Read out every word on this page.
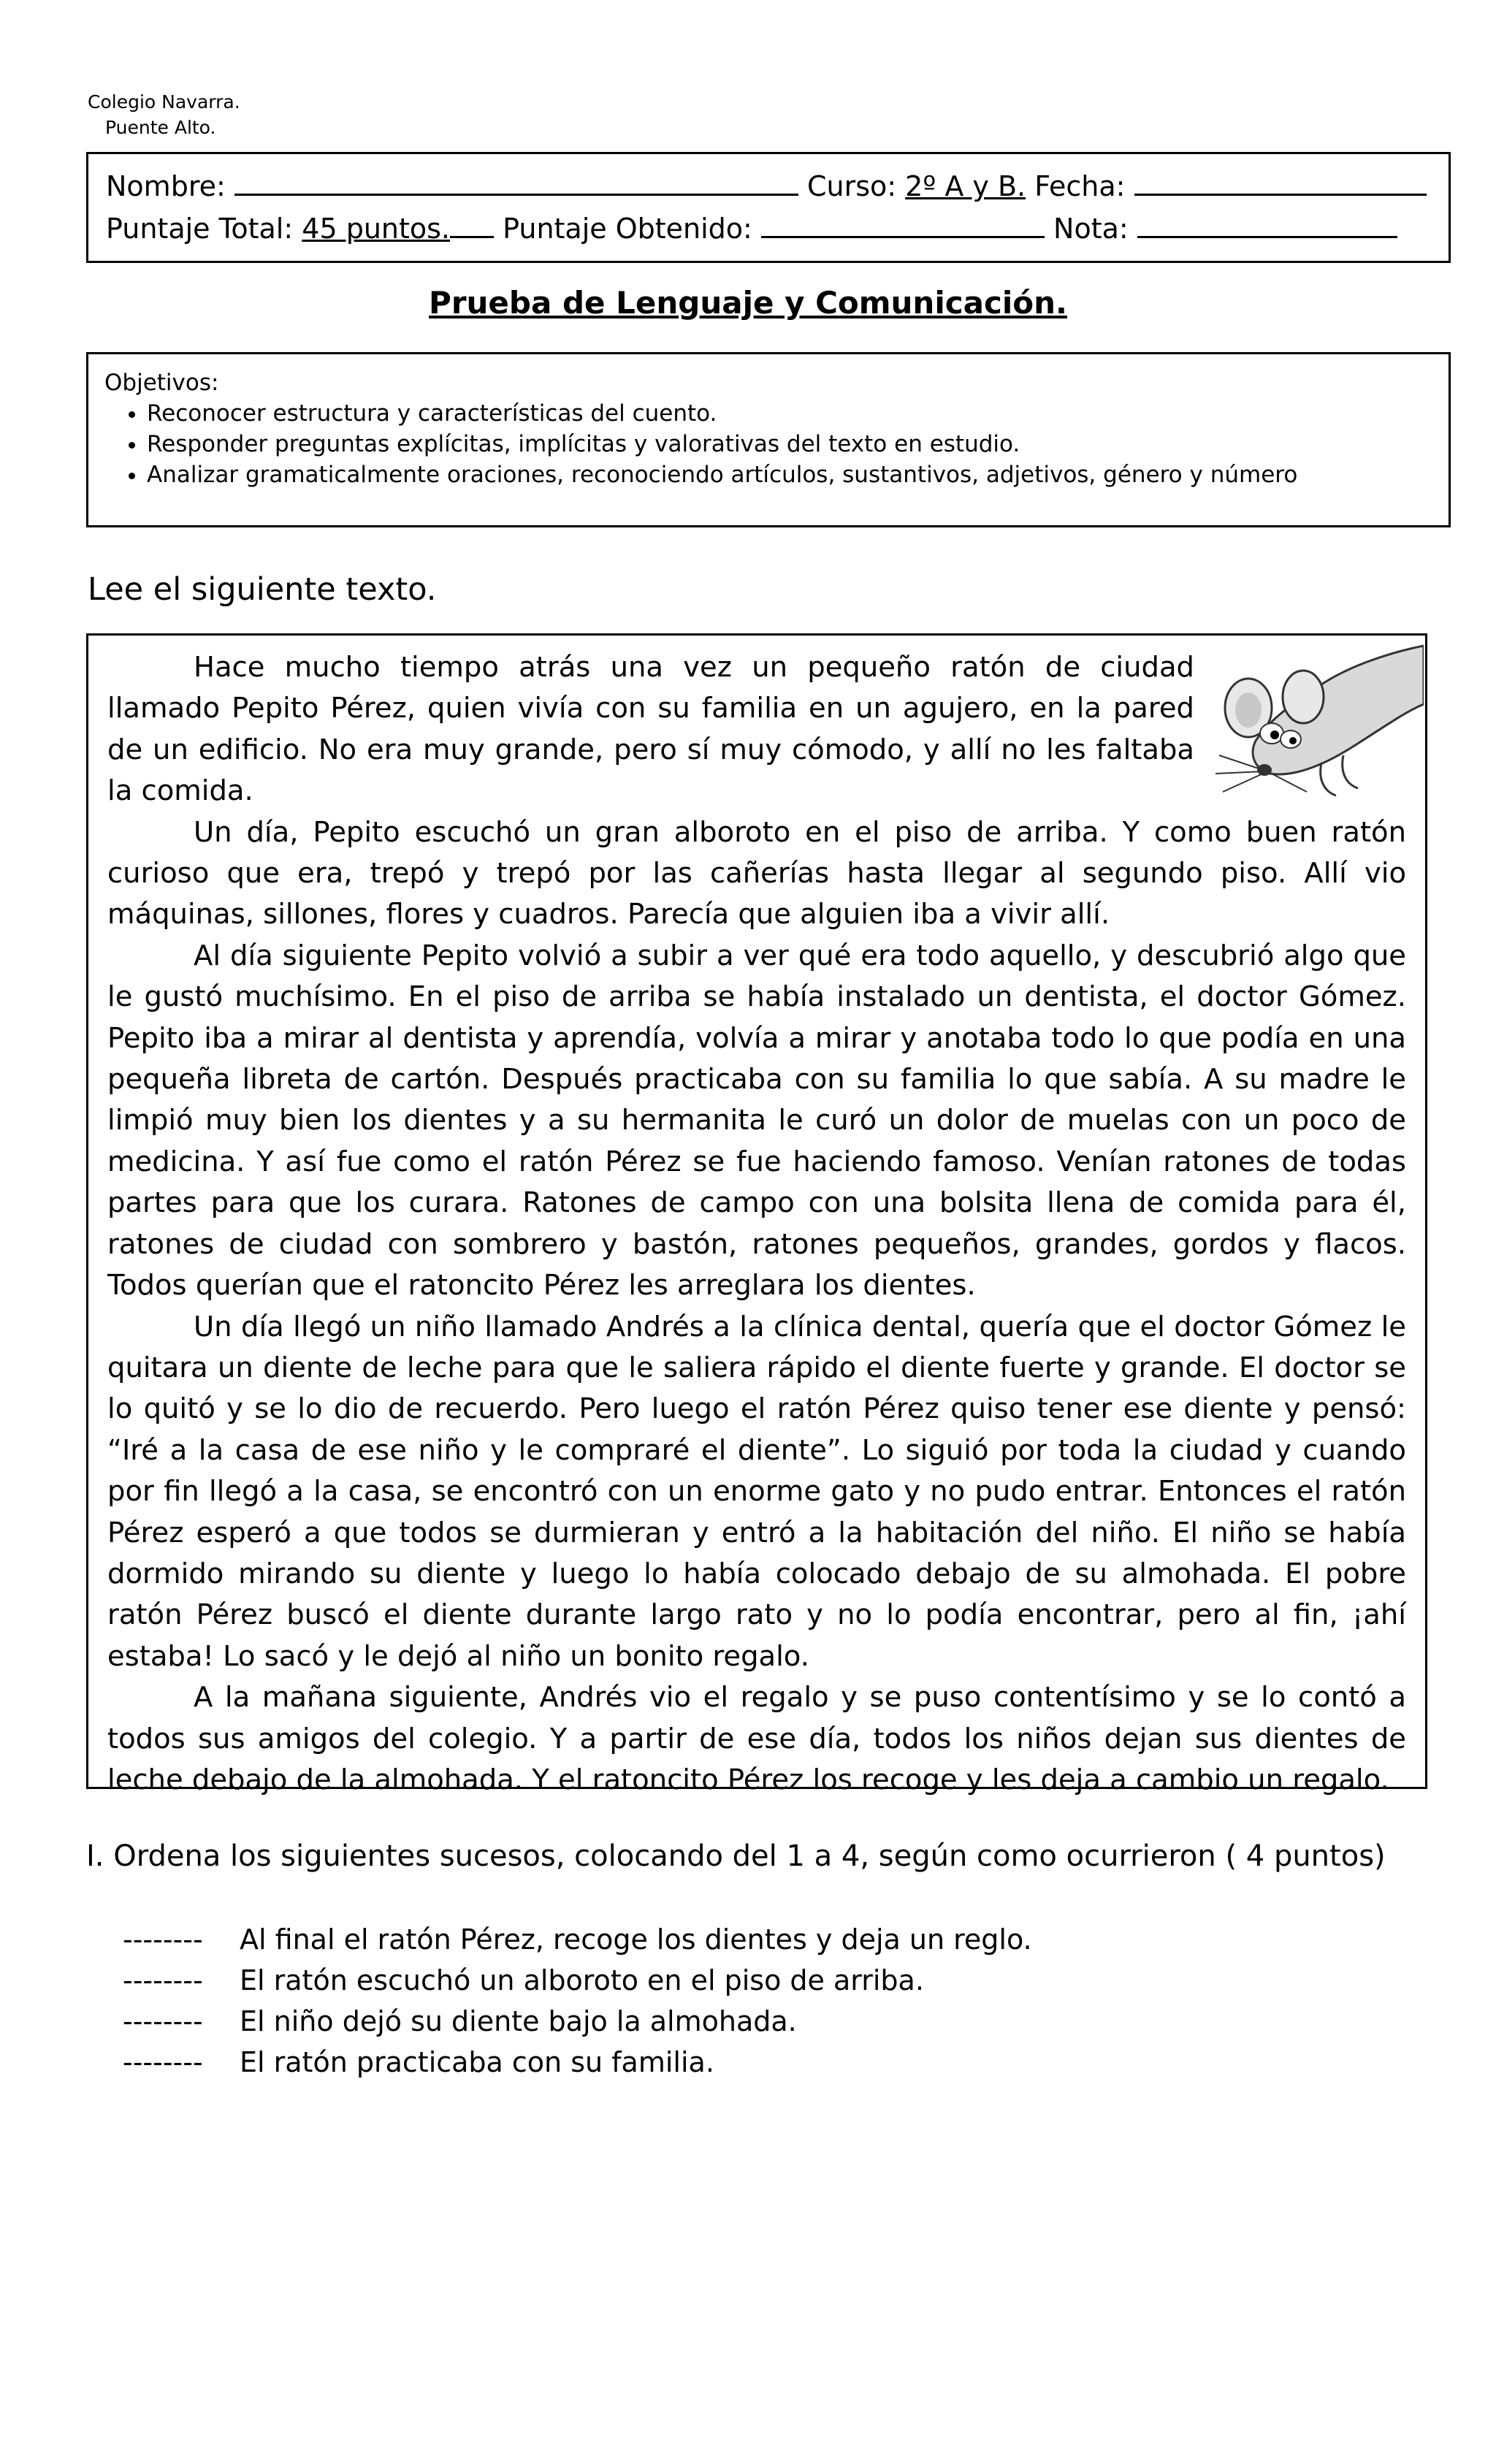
Colegio Navarra.
Puente Alto.
Nombre:	Curso: 2º A y B. Fecha:
Puntaje Total: 45 puntos. Puntaje Obtenido:	Nota:
Prueba de Lenguaje y Comunicación.
Objetivos:
• Reconocer estructura y características del cuento.
• Responder preguntas explícitas, implícitas y valorativas del texto en estudio.
• Analizar gramaticalmente oraciones, reconociendo artículos, sustantivos, adjetivos, género y número
Lee el siguiente texto.

Hace mucho tiempo atrás una vez un pequeño ratón de ciudad llamado Pepito Pérez, quien vivía con su familia en un agujero, en la pared de un edificio. No era muy grande, pero sí muy cómodo, y allí no les faltaba la comida.

Un día, Pepito escuchó un gran alboroto en el piso de arriba. Y como buen ratón curioso que era, trepó y trepó por las cañerías hasta llegar al segundo piso. Allí vio máquinas, sillones, flores y cuadros. Parecía que alguien iba a vivir allí.

Al día siguiente Pepito volvió a subir a ver qué era todo aquello, y descubrió algo que le gustó muchísimo. En el piso de arriba se había instalado un dentista, el doctor Gómez. Pepito iba a mirar al dentista y aprendía, volvía a mirar y anotaba todo lo que podía en una pequeña libreta de cartón. Después practicaba con su familia lo que sabía. A su madre le limpió muy bien los dientes y a su hermanita le curó un dolor de muelas con un poco de medicina. Y así fue como el ratón Pérez se fue haciendo famoso. Venían ratones de todas partes para que los curara. Ratones de campo con una bolsita llena de comida para él, ratones de ciudad con sombrero y bastón, ratones pequeños, grandes, gordos y flacos. Todos querían que el ratoncito Pérez les arreglara los dientes.

Un día llegó un niño llamado Andrés a la clínica dental, quería que el doctor Gómez le quitara un diente de leche para que le saliera rápido el diente fuerte y grande. El doctor se lo quitó y se lo dio de recuerdo. Pero luego el ratón Pérez quiso tener ese diente y pensó: “Iré a la casa de ese niño y le compraré el diente”. Lo siguió por toda la ciudad y cuando por fin llegó a la casa, se encontró con un enorme gato y no pudo entrar. Entonces el ratón Pérez esperó a que todos se durmieran y entró a la habitación del niño. El niño se había dormido mirando su diente y luego lo había colocado debajo de su almohada. El pobre ratón Pérez buscó el diente durante largo rato y no lo podía encontrar, pero al fin, ¡ahí estaba! Lo sacó y le dejó al niño un bonito regalo.

A la mañana siguiente, Andrés vio el regalo y se puso contentísimo y se lo contó a todos sus amigos del colegio. Y a partir de ese día, todos los niños dejan sus dientes de leche debajo de la almohada. Y el ratoncito Pérez los recoge y les deja a cambio un regalo.

I. Ordena los siguientes sucesos, colocando del 1 a 4, según como ocurrieron ( 4 puntos)
-------- Al final el ratón Pérez, recoge los dientes y deja un reglo.
-------- El ratón escuchó un alboroto en el piso de arriba.
-------- El niño dejó su diente bajo la almohada.
-------- El ratón practicaba con su familia.
